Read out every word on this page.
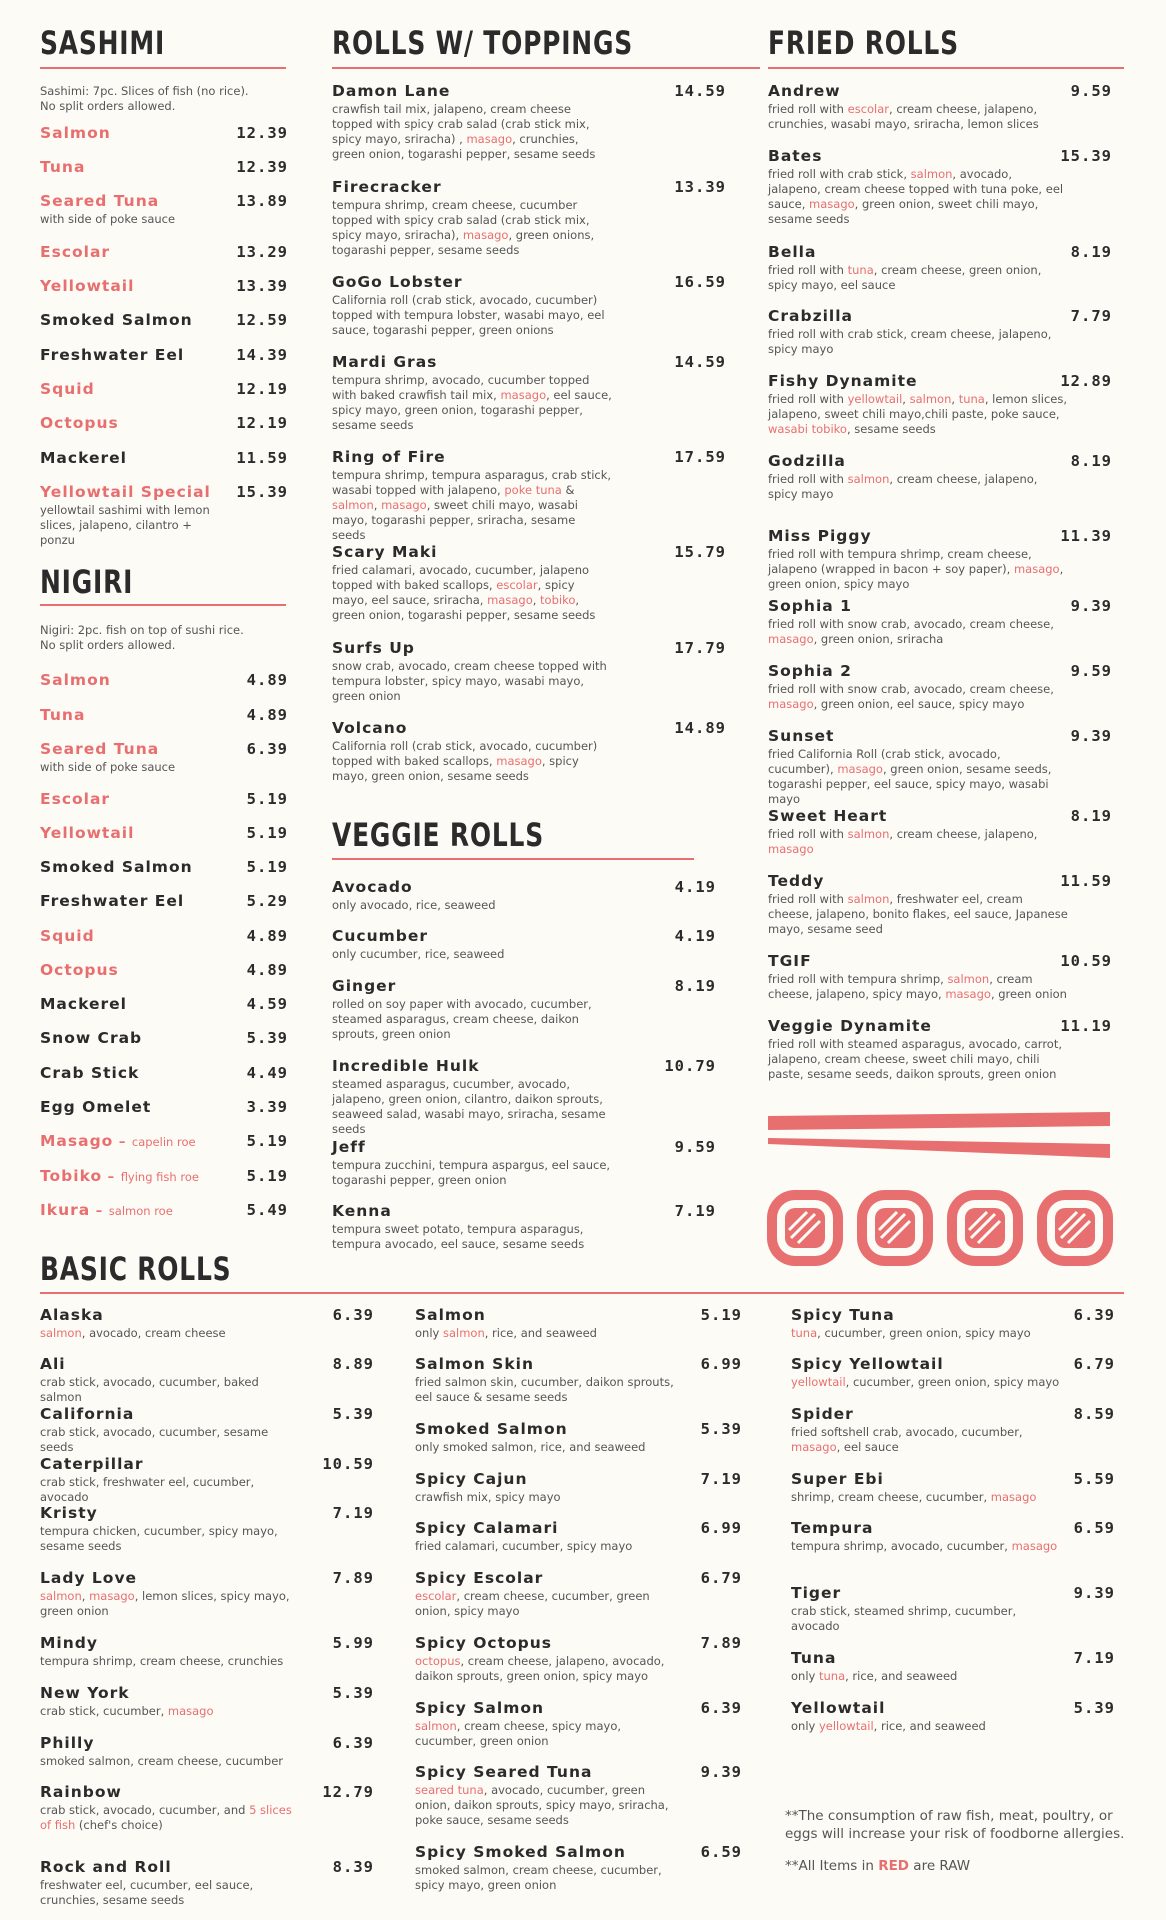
SASHIMI	ROLLS W/ TOPPINGS	FRIED ROLLS
Sashimi: 7pc. Slices of fish (no rice).
No split orders allowed.
NIGIRI
Nigiri: 2pc. fish on top of sushi rice.
No split orders allowed.
VEGGIE ROLLS
BASIC ROLLS
Salmon	12.39
Tuna	12.39
Seared Tuna	13.89
with side of poke sauce
Escolar	13.29
Yellowtail	13.39
Smoked Salmon	12.59
Freshwater Eel	14.39
Squid	12.19
Octopus	12.19
Mackerel	11.59
Yellowtail Special 15.39
yellowtail sashimi with lemon slices, jalapeno, cilantro + ponzu
Salmon	4.89
Tuna	4.89
Seared Tuna	6.39
with side of poke sauce
Escolar	5.19
Yellowtail	5.19
Smoked Salmon	5.19
Freshwater Eel	5.29
Squid	4.89
Octopus	4.89
Mackerel	4.59
Snow Crab	5.39
Crab Stick	4.49
Egg Omelet	3.39
Masago – capelin roe	5.19
Tobiko – flying fish roe	5.19
Ikura – salmon roe	5.49
Damon Lane	14.59
crawfish tail mix, jalapeno, cream cheese topped with spicy crab salad (crab stick mix, spicy mayo, sriracha) , masago, crunchies, green onion, togarashi pepper, sesame seeds
Firecracker	13.39
tempura shrimp, cream cheese, cucumber topped with spicy crab salad (crab stick mix, spicy mayo, sriracha), masago, green onions, togarashi pepper, sesame seeds
GoGo Lobster	16.59
California roll (crab stick, avocado, cucumber) topped with tempura lobster, wasabi mayo, eel sauce, togarashi pepper, green onions
Mardi Gras	14.59
tempura shrimp, avocado, cucumber topped with baked crawfish tail mix, masago, eel sauce, spicy mayo, green onion, togarashi pepper, sesame seeds
Ring of Fire	17.59
tempura shrimp, tempura asparagus, crab stick, wasabi topped with jalapeno, poke tuna & salmon, masago, sweet chili mayo, wasabi mayo, togarashi pepper, sriracha, sesame seeds
Scary Maki	15.79
fried calamari, avocado, cucumber, jalapeno topped with baked scallops, escolar, spicy mayo, eel sauce, sriracha, masago, tobiko, green onion, togarashi pepper, sesame seeds
Surfs Up	17.79
snow crab, avocado, cream cheese topped with tempura lobster, spicy mayo, wasabi mayo, green onion
Volcano	14.89
California roll (crab stick, avocado, cucumber) topped with baked scallops, masago, spicy mayo, green onion, sesame seeds
Avocado	4.19
only avocado, rice, seaweed
Cucumber	4.19
only cucumber, rice, seaweed
Ginger	8.19
rolled on soy paper with avocado, cucumber, steamed asparagus, cream cheese, daikon sprouts, green onion
Incredible Hulk	10.79
steamed asparagus, cucumber, avocado, jalapeno, green onion, cilantro, daikon sprouts, seaweed salad, wasabi mayo, sriracha, sesame seeds
Jeff	9.59
tempura zucchini, tempura aspargus, eel sauce, togarashi pepper, green onion
Kenna	7.19
tempura sweet potato, tempura asparagus, tempura avocado, eel sauce, sesame seeds
Andrew	9.59
fried roll with escolar, cream cheese, jalapeno, crunchies, wasabi mayo, sriracha, lemon slices
Bates	15.39
fried roll with crab stick, salmon, avocado, jalapeno, cream cheese topped with tuna poke, eel sauce, masago, green onion, sweet chili mayo, sesame seeds
Bella	8.19
fried roll with tuna, cream cheese, green onion, spicy mayo, eel sauce
Crabzilla	7.79
fried roll with crab stick, cream cheese, jalapeno, spicy mayo
Fishy Dynamite	12.89
fried roll with yellowtail, salmon, tuna, lemon slices, jalapeno, sweet chili mayo,chili paste, poke sauce, wasabi tobiko, sesame seeds
Godzilla	8.19
fried roll with salmon, cream cheese, jalapeno, spicy mayo
Miss Piggy	11.39
fried roll with tempura shrimp, cream cheese, jalapeno (wrapped in bacon + soy paper), masago, green onion, spicy mayo
Sophia 1	9.39
fried roll with snow crab, avocado, cream cheese, masago, green onion, sriracha
Sophia 2	9.59
fried roll with snow crab, avocado, cream cheese, masago, green onion, eel sauce, spicy mayo
Sunset	9.39
fried California Roll (crab stick, avocado, cucumber), masago, green onion, sesame seeds, togarashi pepper, eel sauce, spicy mayo, wasabi mayo
Sweet Heart	8.19
fried roll with salmon, cream cheese, jalapeno, masago
Teddy	11.59
fried roll with salmon, freshwater eel, cream cheese, jalapeno, bonito flakes, eel sauce, Japanese mayo, sesame seed
TGIF	10.59
fried roll with tempura shrimp, salmon, cream cheese, jalapeno, spicy mayo, masago, green onion
Veggie Dynamite	11.19
fried roll with steamed asparagus, avocado, carrot, jalapeno, cream cheese, sweet chili mayo, chili paste, sesame seeds, daikon sprouts, green onion
Alaska	6.39
salmon, avocado, cream cheese
Ali	8.89
crab stick, avocado, cucumber, baked salmon
California	5.39
crab stick, avocado, cucumber, sesame seeds
Caterpillar	10.59
crab stick, freshwater eel, cucumber, avocado
Kristy	7.19
tempura chicken, cucumber, spicy mayo, sesame seeds
Lady Love	7.89
salmon, masago, lemon slices, spicy mayo, green onion
Mindy	5.99
tempura shrimp, cream cheese, crunchies
New York	5.39
crab stick, cucumber, masago
Philly	6.39
smoked salmon, cream cheese, cucumber
Rainbow	12.79
crab stick, avocado, cucumber, and 5 slices of fish (chef's choice)
Rock and Roll	8.39
freshwater eel, cucumber, eel sauce, crunchies, sesame seeds
Salmon	5.19
only salmon, rice, and seaweed
Salmon Skin	6.99
fried salmon skin, cucumber, daikon sprouts, eel sauce & sesame seeds
Smoked Salmon	5.39
only smoked salmon, rice, and seaweed
Spicy Cajun	7.19
crawfish mix, spicy mayo
Spicy Calamari	6.99
fried calamari, cucumber, spicy mayo
Spicy Escolar	6.79
escolar, cream cheese, cucumber, green onion, spicy mayo
Spicy Octopus	7.89
octopus, cream cheese, jalapeno, avocado, daikon sprouts, green onion, spicy mayo
Spicy Salmon	6.39
salmon, cream cheese, spicy mayo, cucumber, green onion
Spicy Seared Tuna	9.39
seared tuna, avocado, cucumber, green onion, daikon sprouts, spicy mayo, sriracha, poke sauce, sesame seeds
Spicy Smoked Salmon	6.59
smoked salmon, cream cheese, cucumber, spicy mayo, green onion
Spicy Tuna	6.39
tuna, cucumber, green onion, spicy mayo
Spicy Yellowtail	6.79
yellowtail, cucumber, green onion, spicy mayo
Spider	8.59
fried softshell crab, avocado, cucumber, masago, eel sauce
Super Ebi	5.59
shrimp, cream cheese, cucumber, masago
Tempura	6.59
tempura shrimp, avocado, cucumber, masago
Tiger	9.39
crab stick, steamed shrimp, cucumber, avocado
Tuna	7.19
only tuna, rice, and seaweed
Yellowtail	5.39
only yellowtail, rice, and seaweed
**The consumption of raw fish, meat, poultry, or eggs will increase your risk of foodborne allergies.
**All Items in RED are RAW
